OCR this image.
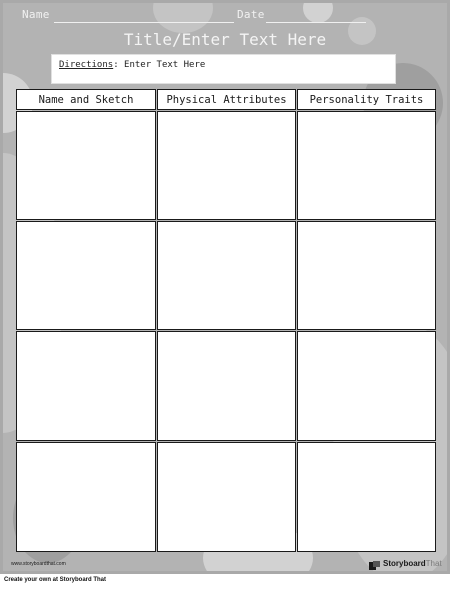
Name	Date
Title/Enter Text Here
Directions: Enter Text Here
Name and Sketch	Physical Attributes	Personality Traits
www.storyboardthat.com	StoryboardThat
Create your own at Storyboard That
